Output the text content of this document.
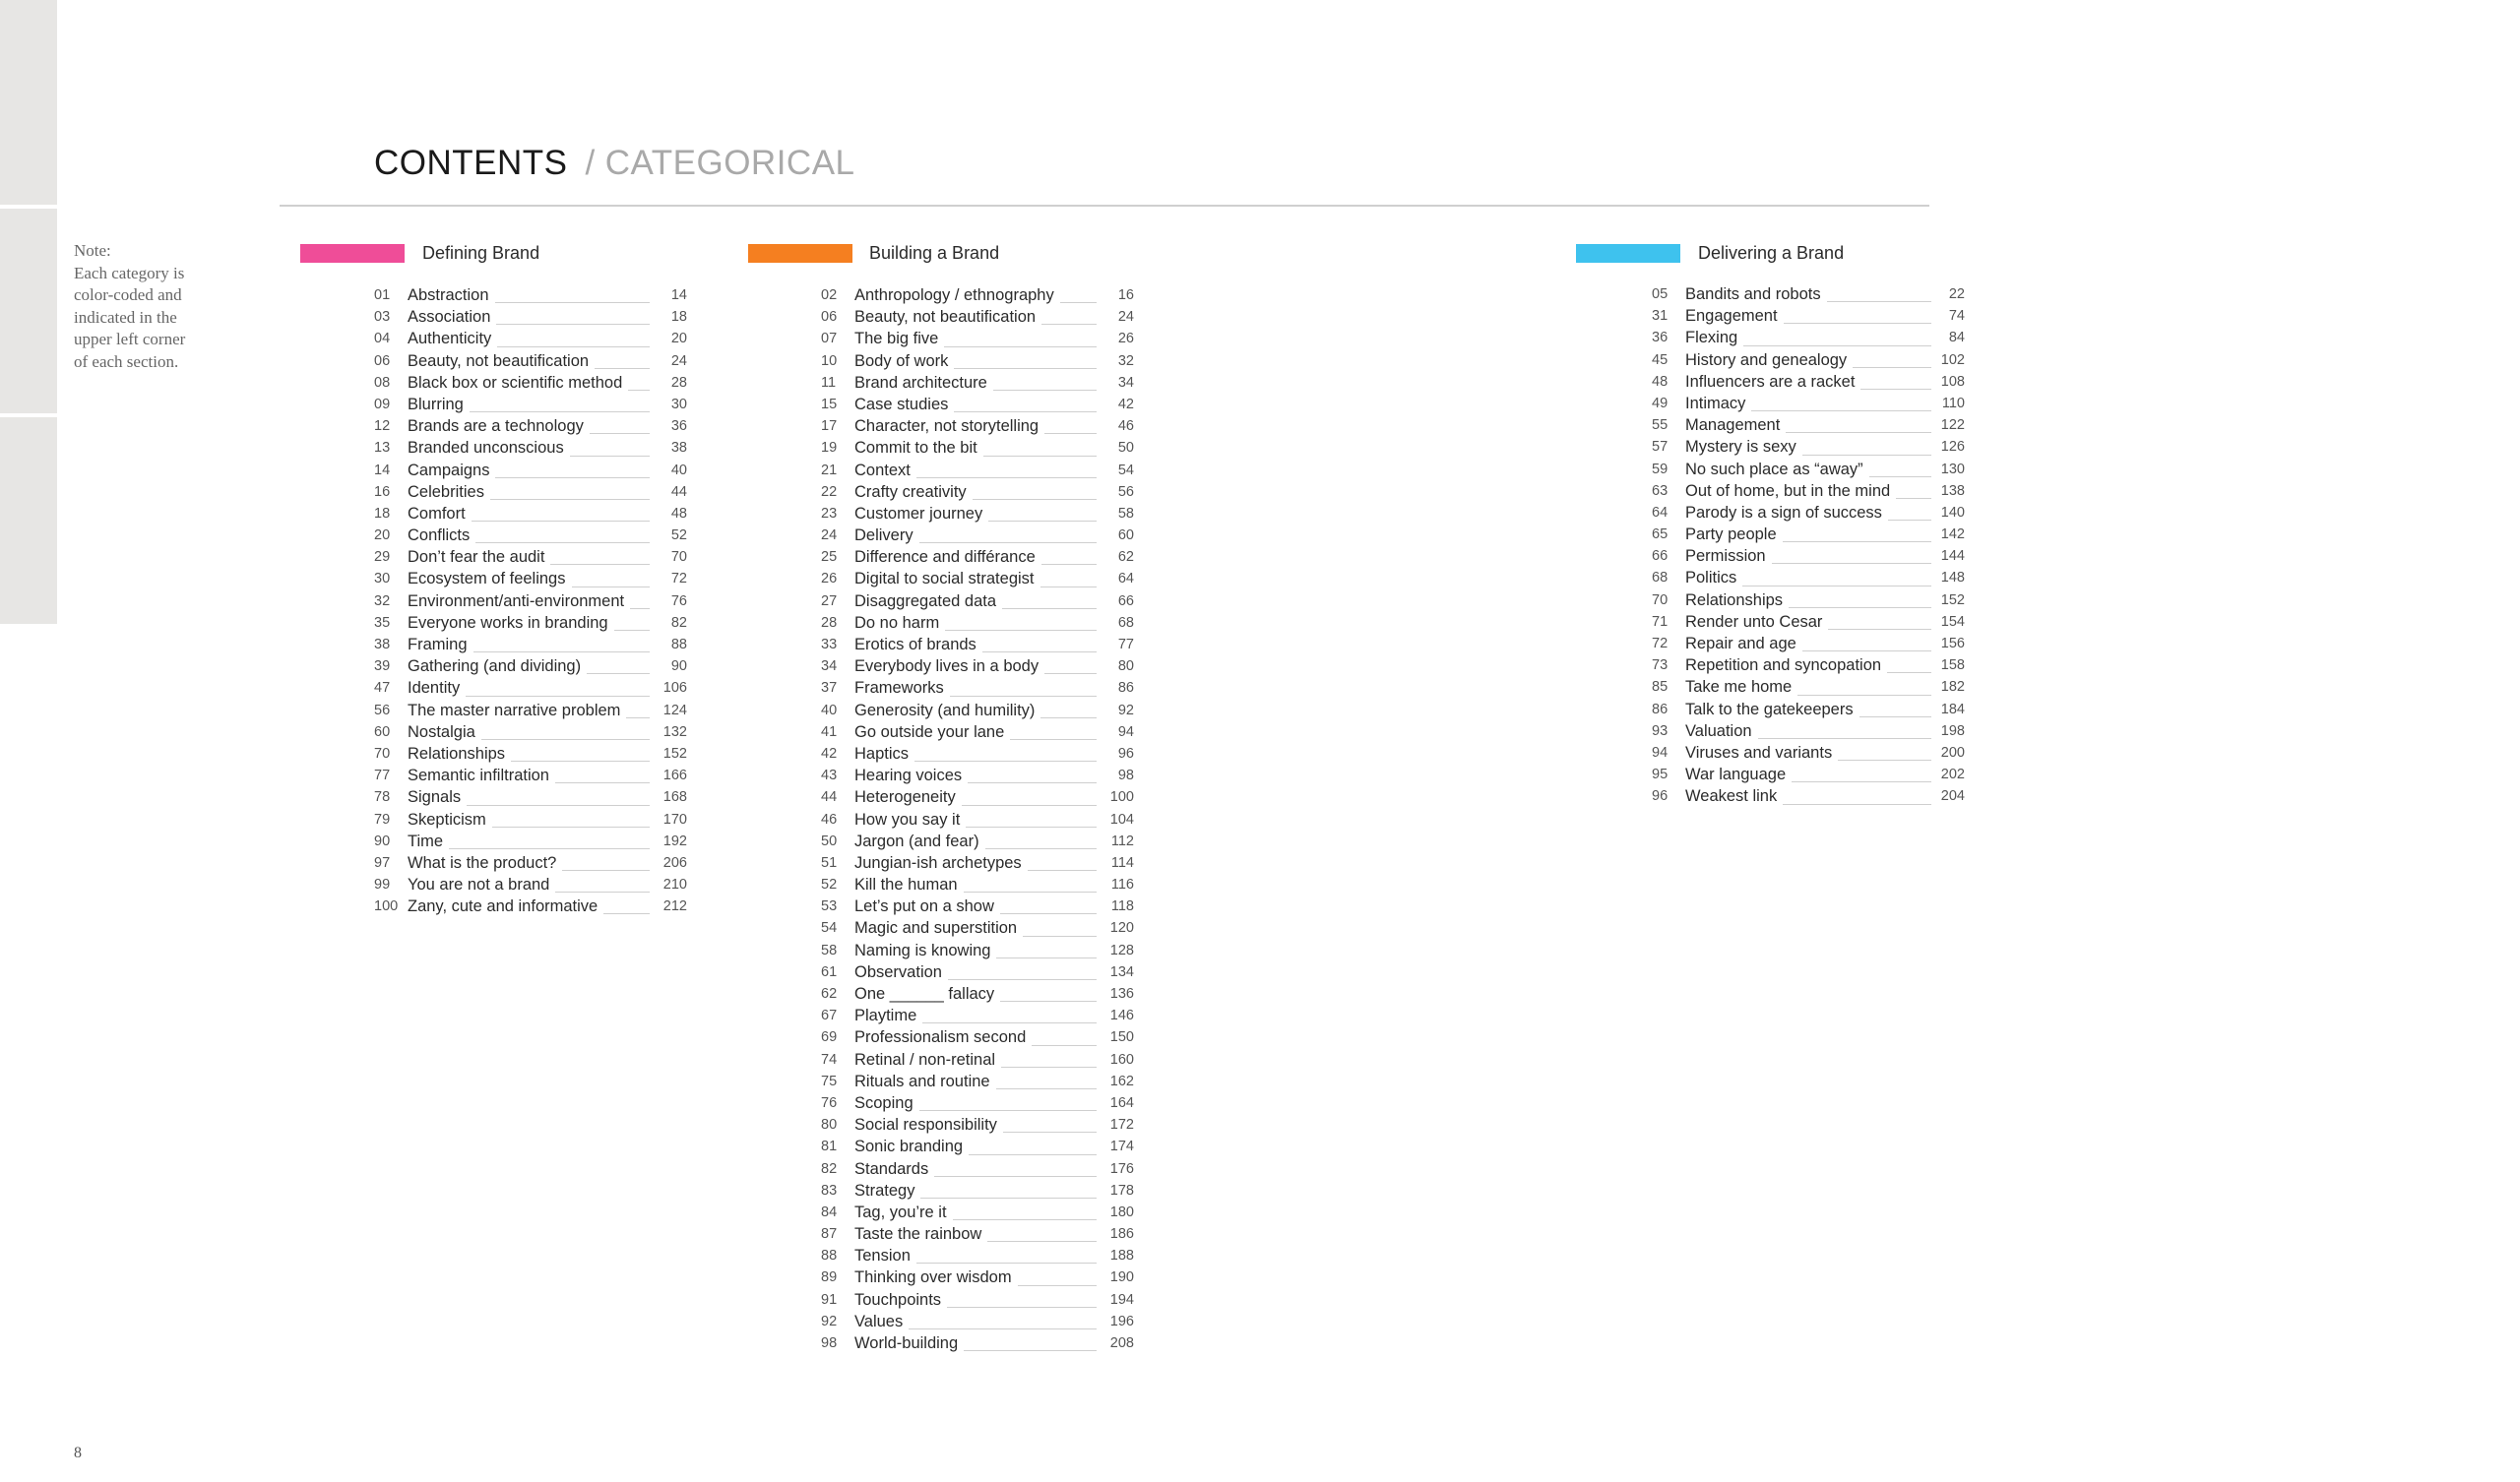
CONTENTS / CATEGORICAL
Note:
Each category is
color-coded and
indicated in the
upper left corner
of each section.
Defining Brand	Building a Brand	Delivering a Brand
01	Abstraction	14
03	Association	18
04	Authenticity	20
06	Beauty, not beautification	24
08	Black box or scientific method	28
09	Blurring	30
12	Brands are a technology	36
13	Branded unconscious	38
14	Campaigns	40
16	Celebrities	44
18	Comfort	48
20	Conflicts	52
29	Don’t fear the audit	70
30	Ecosystem of feelings	72
32	Environment/anti-environment	76
35	Everyone works in branding	82
38	Framing	88
39	Gathering (and dividing)	90
47	Identity	106
56	The master narrative problem	124
60	Nostalgia	132
70	Relationships	152
77	Semantic infiltration	166
78	Signals	168
79	Skepticism	170
90	Time	192
97	What is the product?	206
99	You are not a brand	210
100 Zany, cute and informative	212
02	Anthropology / ethnography	16
06	Beauty, not beautification	24
07	The big five	26
10	Body of work	32
11	Brand architecture	34
15	Case studies	42
17	Character, not storytelling	46
19	Commit to the bit	50
21	Context	54
22	Crafty creativity	56
23	Customer journey	58
24	Delivery	60
25	Difference and différance	62
26	Digital to social strategist	64
27	Disaggregated data	66
28	Do no harm	68
33	Erotics of brands	77
34	Everybody lives in a body	80
37	Frameworks	86
40	Generosity (and humility)	92
41	Go outside your lane	94
42	Haptics	96
43	Hearing voices	98
44	Heterogeneity	100
46	How you say it	104
50	Jargon (and fear)	112
51	Jungian-ish archetypes	114
52	Kill the human	116
53	Let’s put on a show	118
54	Magic and superstition	120
58	Naming is knowing	128
61	Observation	134
62	One ______ fallacy	136
67	Playtime	146
69	Professionalism second	150
74	Retinal / non-retinal	160
75	Rituals and routine	162
76	Scoping	164
80	Social responsibility	172
81	Sonic branding	174
82	Standards	176
83	Strategy	178
84	Tag, you’re it	180
87	Taste the rainbow	186
88	Tension	188
89	Thinking over wisdom	190
91	Touchpoints	194
92	Values	196
98	World-building	208
05	Bandits and robots	22
31	Engagement	74
36	Flexing	84
45	History and genealogy	102
48	Influencers are a racket	108
49	Intimacy	110
55	Management	122
57	Mystery is sexy	126
59	No such place as “away”	130
63	Out of home, but in the mind	138
64	Parody is a sign of success	140
65	Party people	142
66	Permission	144
68	Politics	148
70	Relationships	152
71	Render unto Cesar	154
72	Repair and age	156
73	Repetition and syncopation	158
85	Take me home	182
86	Talk to the gatekeepers	184
93	Valuation	198
94	Viruses and variants	200
95	War language	202
96	Weakest link	204
8
